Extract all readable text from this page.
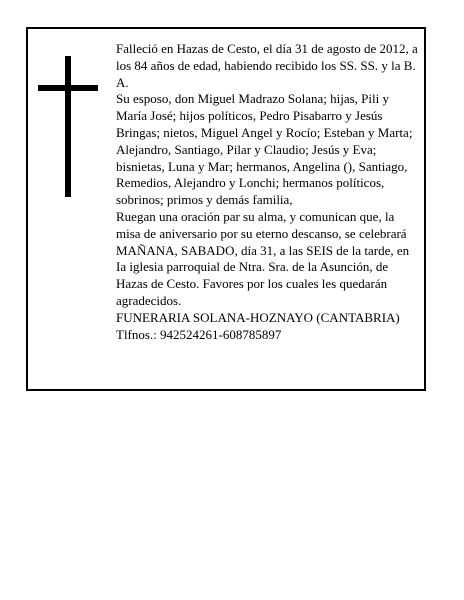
Falleció en Hazas de Cesto, el día 31 de agosto de 2012, a los 84 años de edad, habiendo recibido los SS. SS. y la B. A.

Su esposo, don Miguel Madrazo Solana; hijas, Pili y María José; hijos políticos, Pedro Pisabarro y Jesús Bringas; nietos, Miguel Angel y Rocío; Esteban y Marta; Alejandro, Santiago, Pilar y Claudio; Jesús y Eva; bisnietas, Luna y Mar; hermanos, Angelina (), Santiago, Remedios, Alejandro y Lonchi; hermanos políticos, sobrinos; primos y demás familia,

Ruegan una oración par su alma, y comunican que, la misa de aniversario por su eterno descanso, se celebrará MAÑANA, SABADO, día 31, a las SEIS de la tarde, en Ia iglesia parroquial de Ntra. Sra. de la Asunción, de Hazas de Cesto. Favores por los cuales les quedarán agradecidos.

FUNERARIA SOLANA-HOZNAYO (CANTABRIA)

Tlfnos.: 942524261-608785897
